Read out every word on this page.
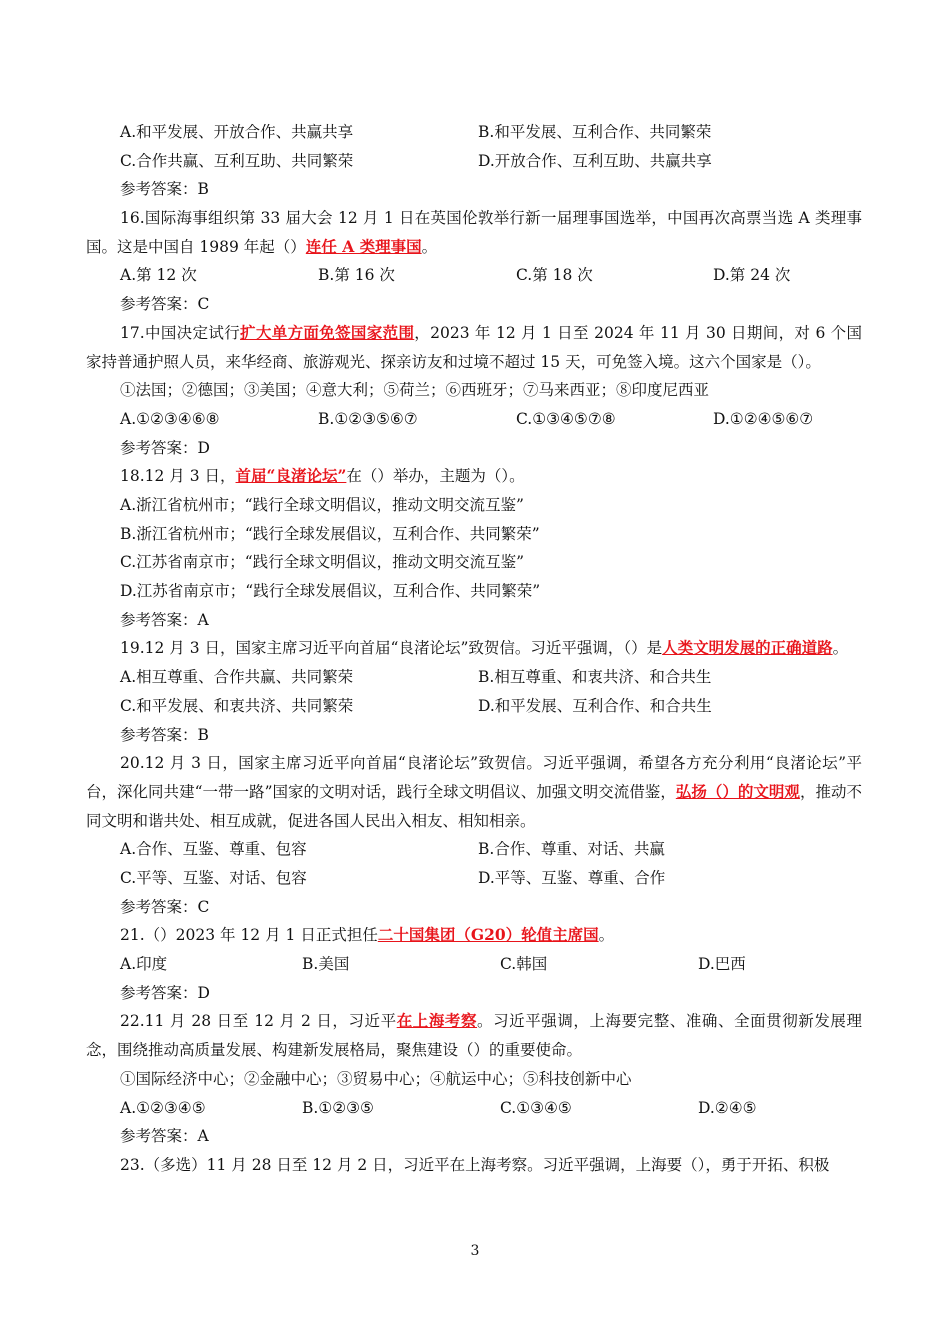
A.和平发展、开放合作、共赢共享	B.和平发展、互利合作、共同繁荣
C.合作共赢、互利互助、共同繁荣	D.开放合作、互利互助、共赢共享
参考答案：B
16.国际海事组织第 33 届大会 12 月 1 日在英国伦敦举行新一届理事国选举，中国再次高票当选 A 类理事国。这是中国自 1989 年起（）连任 A 类理事国。
A.第 12 次	B.第 16 次	C.第 18 次	D.第 24 次
参考答案：C
17.中国决定试行扩大单方面免签国家范围，2023 年 12 月 1 日至 2024 年 11 月 30 日期间，对 6 个国家持普通护照人员，来华经商、旅游观光、探亲访友和过境不超过 15 天，可免签入境。这六个国家是（）。
①法国；②德国；③美国；④意大利；⑤荷兰；⑥西班牙；⑦马来西亚；⑧印度尼西亚
A.①②③④⑥⑧	B.①②③⑤⑥⑦	C.①③④⑤⑦⑧	D.①②④⑤⑥⑦
参考答案：D
18.12 月 3 日，首届“良渚论坛”在（）举办，主题为（）。
A.浙江省杭州市；“践行全球文明倡议，推动文明交流互鉴”
B.浙江省杭州市；“践行全球发展倡议，互利合作、共同繁荣”
C.江苏省南京市；“践行全球文明倡议，推动文明交流互鉴”
D.江苏省南京市；“践行全球发展倡议，互利合作、共同繁荣”
参考答案：A
19.12 月 3 日，国家主席习近平向首届“良渚论坛”致贺信。习近平强调，（）是人类文明发展的正确道路。
A.相互尊重、合作共赢、共同繁荣	B.相互尊重、和衷共济、和合共生
C.和平发展、和衷共济、共同繁荣	D.和平发展、互利合作、和合共生
参考答案：B
20.12 月 3 日，国家主席习近平向首届“良渚论坛”致贺信。习近平强调，希望各方充分利用“良渚论坛”平台，深化同共建“一带一路”国家的文明对话，践行全球文明倡议、加强文明交流借鉴，弘扬（）的文明观，推动不同文明和谐共处、相互成就，促进各国人民出入相友、相知相亲。
A.合作、互鉴、尊重、包容	B.合作、尊重、对话、共赢
C.平等、互鉴、对话、包容	D.平等、互鉴、尊重、合作
参考答案：C
21.（）2023 年 12 月 1 日正式担任二十国集团（G20）轮值主席国。
A.印度	B.美国	C.韩国	D.巴西
参考答案：D
22.11 月 28 日至 12 月 2 日，习近平在上海考察。习近平强调，上海要完整、准确、全面贯彻新发展理念，围绕推动高质量发展、构建新发展格局，聚焦建设（）的重要使命。
①国际经济中心；②金融中心；③贸易中心；④航运中心；⑤科技创新中心
A.①②③④⑤	B.①②③⑤	C.①③④⑤	D.②④⑤
参考答案：A
23.（多选）11 月 28 日至 12 月 2 日，习近平在上海考察。习近平强调，上海要（），勇于开拓、积极
3
